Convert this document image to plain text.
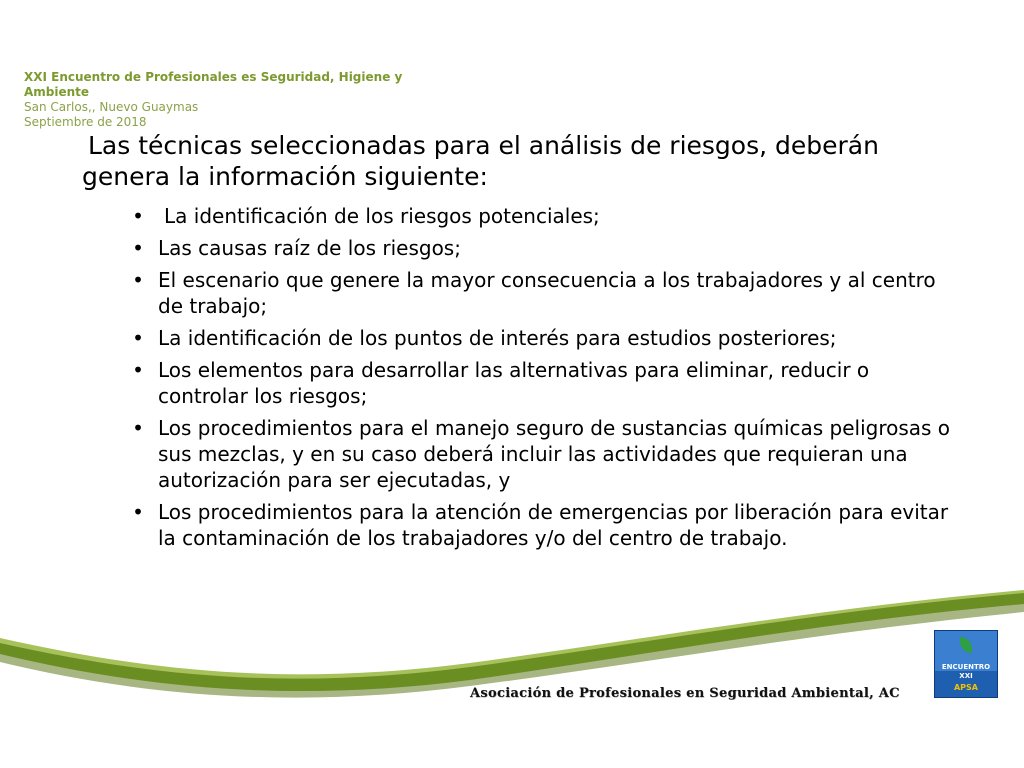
XXI Encuentro de Profesionales es Seguridad, Higiene y Ambiente
San Carlos,, Nuevo Guaymas
Septiembre de 2018

Las técnicas seleccionadas para el análisis de riesgos, deberán genera la información siguiente:

• La identificación de los riesgos potenciales;
• Las causas raíz de los riesgos;
• El escenario que genere la mayor consecuencia a los trabajadores y al centro de trabajo;
• La identificación de los puntos de interés para estudios posteriores;
• Los elementos para desarrollar las alternativas para eliminar, reducir o controlar los riesgos;
• Los procedimientos para el manejo seguro de sustancias químicas peligrosas o sus mezclas, y en su caso deberá incluir las actividades que requieran una autorización para ser ejecutadas, y
• Los procedimientos para la atención de emergencias por liberación para evitar la contaminación de los trabajadores y/o del centro de trabajo.
Asociación de Profesionales en Seguridad Ambiental, AC
ENCUENTRO XXI
APSA
